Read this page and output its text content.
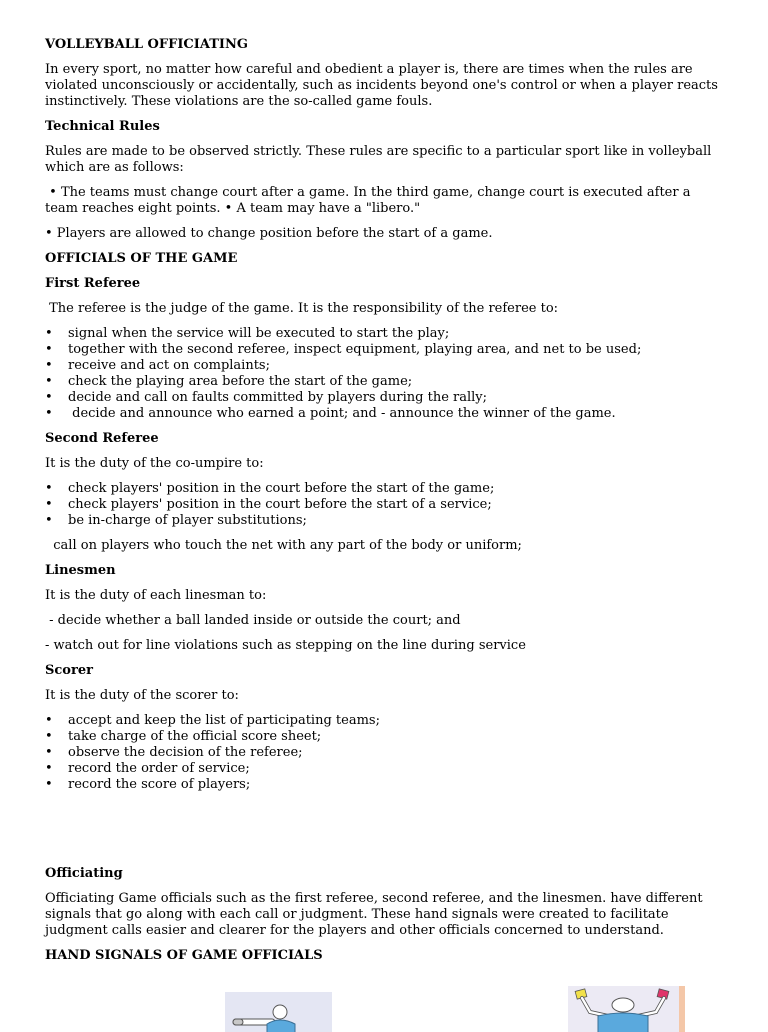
VOLLEYBALL OFFICIATING

In every sport, no matter how careful and obedient a player is, there are times when the rules are violated unconsciously or accidentally, such as incidents beyond one's control or when a player reacts instinctively. These violations are the so-called game fouls.

Technical Rules

Rules are made to be observed strictly. These rules are specific to a particular sport like in volleyball which are as follows:

• The teams must change court after a game. In the third game, change court is executed after a team reaches eight points. • A team may have a "libero."

• Players are allowed to change position before the start of a game.

OFFICIALS OF THE GAME
First Referee

The referee is the judge of the game. It is the responsibility of the referee to:

• signal when the service will be executed to start the play;
• together with the second referee, inspect equipment, playing area, and net to be used;
• receive and act on complaints;
• check the playing area before the start of the game;
• decide and call on faults committed by players during the rally;
•  decide and announce who earned a point; and - announce the winner of the game.
Second Referee

It is the duty of the co-umpire to:

• check players' position in the court before the start of the game;
• check players' position in the court before the start of a service;
• be in-charge of player substitutions;

call on players who touch the net with any part of the body or uniform;

Linesmen

It is the duty of each linesman to:

- decide whether a ball landed inside or outside the court; and

- watch out for line violations such as stepping on the line during service

Scorer

It is the duty of the scorer to:

• accept and keep the list of participating teams;
• take charge of the official score sheet;
• observe the decision of the referee;
• record the order of service;
• record the score of players;
Officiating

Officiating Game officials such as the first referee, second referee, and the linesmen. have different signals that go along with each call or judgment. These hand signals were created to facilitate judgment calls easier and clearer for the players and other officials concerned to understand.

HAND SIGNALS OF GAME OFFICIALS
